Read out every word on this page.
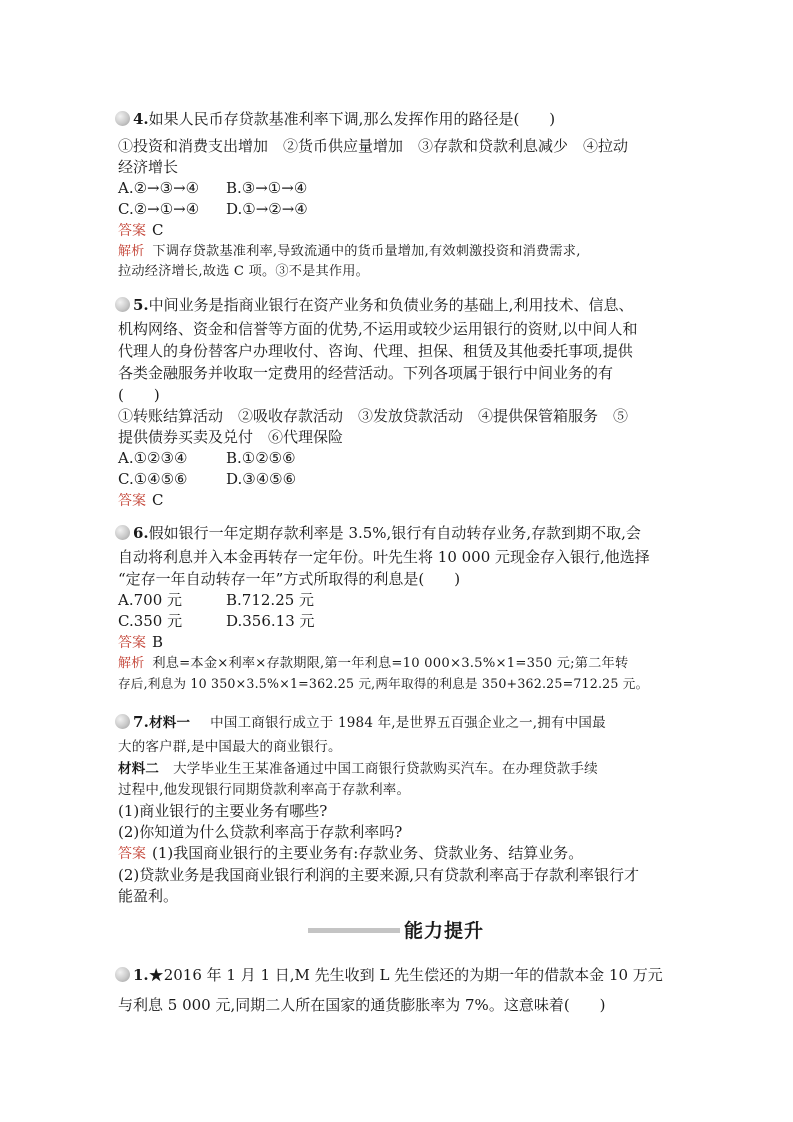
4.如果人民币存贷款基准利率下调,那么发挥作用的路径是(　　)
①投资和消费支出增加　②货币供应量增加　③存款和贷款利息减少　④拉动
经济增长
A.②→③→④ B.③→①→④
C.②→①→④ D.①→②→④
答案 C
解析 下调存贷款基准利率,导致流通中的货币量增加,有效刺激投资和消费需求,
拉动经济增长,故选 C 项。③不是其作用。
5.中间业务是指商业银行在资产业务和负债业务的基础上,利用技术、信息、
机构网络、资金和信誉等方面的优势,不运用或较少运用银行的资财,以中间人和
代理人的身份替客户办理收付、咨询、代理、担保、租赁及其他委托事项,提供
各类金融服务并收取一定费用的经营活动。下列各项属于银行中间业务的有
(　　)
①转账结算活动　②吸收存款活动　③发放贷款活动　④提供保管箱服务　⑤
提供债券买卖及兑付　⑥代理保险
A.①②③④	B.①②⑤⑥
C.①④⑤⑥	D.③④⑤⑥
答案 C
6.假如银行一年定期存款利率是 3.5%,银行有自动转存业务,存款到期不取,会
自动将利息并入本金再转存一定年份。叶先生将 10 000 元现金存入银行,他选择
“定存一年自动转存一年”方式所取得的利息是(　　)
A.700 元	B.712.25 元
C.350 元	D.356.13 元
答案 B
解析 利息=本金×利率×存款期限,第一年利息=10 000×3.5%×1=350 元;第二年转
存后,利息为 10 350×3.5%×1=362.25 元,两年取得的利息是 350+362.25=712.25 元。
7.材料一 中国工商银行成立于 1984 年,是世界五百强企业之一,拥有中国最
大的客户群,是中国最大的商业银行。
材料二 大学毕业生王某准备通过中国工商银行贷款购买汽车。在办理贷款手续
过程中,他发现银行同期贷款利率高于存款利率。
(1)商业银行的主要业务有哪些?
(2)你知道为什么贷款利率高于存款利率吗?
答案 (1)我国商业银行的主要业务有:存款业务、贷款业务、结算业务。
(2)贷款业务是我国商业银行利润的主要来源,只有贷款利率高于存款利率银行才
能盈利。
能力提升
1.★2016 年 1 月 1 日,M 先生收到 L 先生偿还的为期一年的借款本金 10 万元
与利息 5 000 元,同期二人所在国家的通货膨胀率为 7%。这意味着(　　)
